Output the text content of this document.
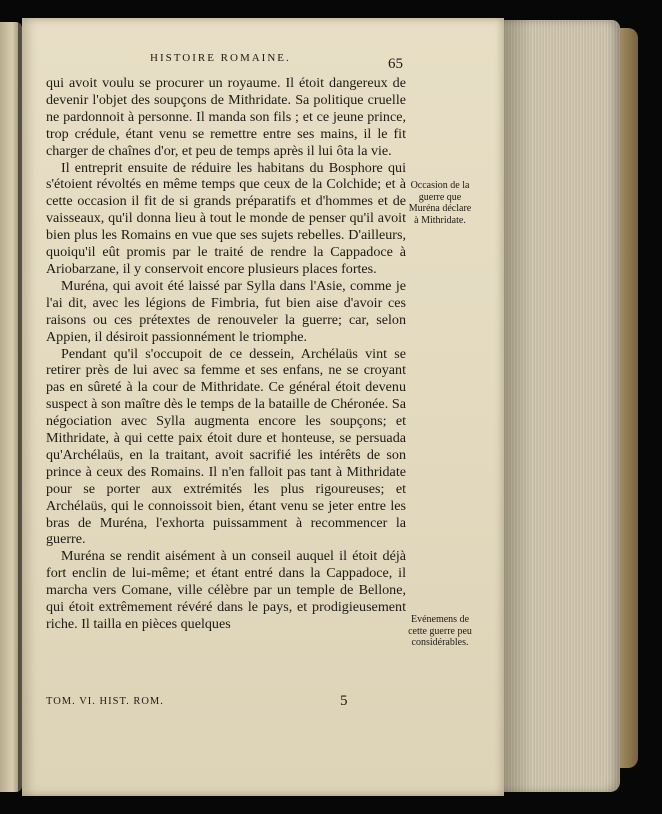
HISTOIRE ROMAINE.	65

qui avoit voulu se procurer un royaume. Il étoit dangereux de devenir l'objet des soupçons de Mithridate. Sa politique cruelle ne pardonnoit à personne. Il manda son fils ; et ce jeune prince, trop crédule, étant venu se remettre entre ses mains, il le fit charger de chaînes d'or, et peu de temps après il lui ôta la vie.

Il entreprit ensuite de réduire les habitans du Bosphore qui s'étoient révoltés en même temps que ceux de la Colchide; et à cette occasion il fit de si grands préparatifs et d'hommes et de vaisseaux, qu'il donna lieu à tout le monde de penser qu'il avoit bien plus les Romains en vue que ses sujets rebelles. D'ailleurs, quoiqu'il eût promis par le traité de rendre la Cappadoce à Ariobarzane, il y conservoit encore plusieurs places fortes.

Muréna, qui avoit été laissé par Sylla dans l'Asie, comme je l'ai dit, avec les légions de Fimbria, fut bien aise d'avoir ces raisons ou ces prétextes de renouveler la guerre; car, selon Appien, il désiroit passionnément le triomphe.

Pendant qu'il s'occupoit de ce dessein, Archélaüs vint se retirer près de lui avec sa femme et ses enfans, ne se croyant pas en sûreté à la cour de Mithridate. Ce général étoit devenu suspect à son maître dès le temps de la bataille de Chéronée. Sa négociation avec Sylla augmenta encore les soupçons; et Mithridate, à qui cette paix étoit dure et honteuse, se persuada qu'Archélaüs, en la traitant, avoit sacrifié les intérêts de son prince à ceux des Romains. Il n'en falloit pas tant à Mithridate pour se porter aux extrémités les plus rigoureuses; et Archélaüs, qui le connoissoit bien, étant venu se jeter entre les bras de Muréna, l'exhorta puissamment à recommencer la guerre.

Muréna se rendit aisément à un conseil auquel il étoit déjà fort enclin de lui-même; et étant entré dans la Cappadoce, il marcha vers Comane, ville célèbre par un temple de Bellone, qui étoit extrêmement révéré dans le pays, et prodigieusement riche. Il tailla en pièces quelques

Occasion de la guerre que Muréna déclare à Mithridate.
Evénemens de cette guerre peu considérables.
TOM. VI. HIST. ROM.	5
